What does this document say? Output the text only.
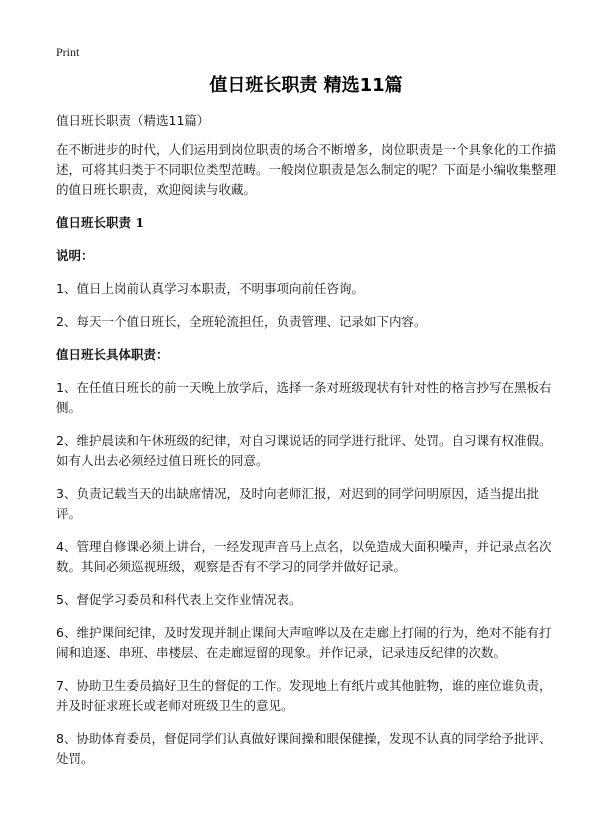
Print
值日班长职责 精选11篇
值日班长职责（精选11篇）
在不断进步的时代，人们运用到岗位职责的场合不断增多，岗位职责是一个具象化的工作描述，可将其归类于不同职位类型范畴。一般岗位职责是怎么制定的呢？下面是小编收集整理的值日班长职责，欢迎阅读与收藏。
值日班长职责 1
说明：
1、值日上岗前认真学习本职责，不明事项向前任咨询。
2、每天一个值日班长，全班轮流担任，负责管理、记录如下内容。
值日班长具体职责：
1、在任值日班长的前一天晚上放学后，选择一条对班级现状有针对性的格言抄写在黑板右侧。
2、维护晨读和午休班级的纪律，对自习课说话的同学进行批评、处罚。自习课有权准假。如有人出去必须经过值日班长的同意。
3、负责记载当天的出缺席情况，及时向老师汇报，对迟到的同学问明原因，适当提出批评。
4、管理自修课必须上讲台，一经发现声音马上点名，以免造成大面积噪声，并记录点名次数。其间必须巡视班级，观察是否有不学习的同学并做好记录。
5、督促学习委员和科代表上交作业情况表。
6、维护课间纪律，及时发现并制止课间大声喧哗以及在走廊上打闹的行为，绝对不能有打闹和追逐、串班、串楼层、在走廊逗留的现象。并作记录，记录违反纪律的次数。
7、协助卫生委员搞好卫生的督促的工作。发现地上有纸片或其他脏物，谁的座位谁负责，并及时征求班长或老师对班级卫生的意见。
8、协助体育委员，督促同学们认真做好课间操和眼保健操，发现不认真的同学给予批评、处罚。
